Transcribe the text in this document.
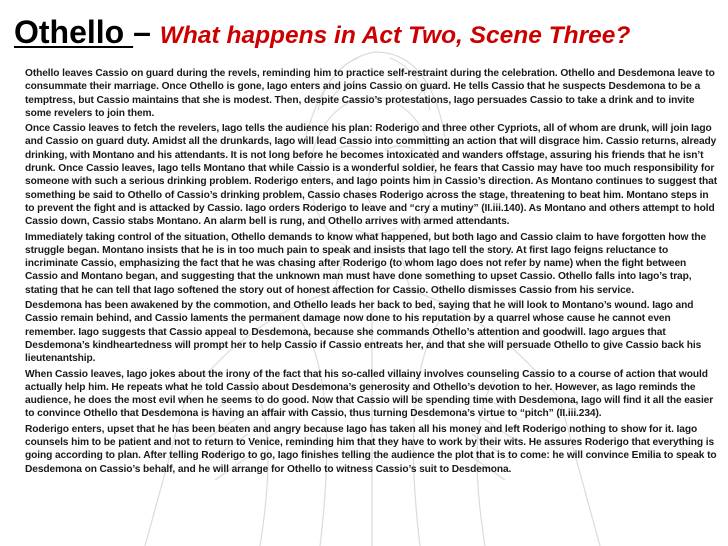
Othello – What happens in Act Two, Scene Three?

Othello leaves Cassio on guard during the revels, reminding him to practice self-restraint during the celebration. Othello and Desdemona leave to consummate their marriage. Once Othello is gone, Iago enters and joins Cassio on guard. He tells Cassio that he suspects Desdemona to be a temptress, but Cassio maintains that she is modest. Then, despite Cassio’s protestations, Iago persuades Cassio to take a drink and to invite some revelers to join them.

Once Cassio leaves to fetch the revelers, Iago tells the audience his plan: Roderigo and three other Cypriots, all of whom are drunk, will join Iago and Cassio on guard duty. Amidst all the drunkards, Iago will lead Cassio into committing an action that will disgrace him. Cassio returns, already drinking, with Montano and his attendants. It is not long before he becomes intoxicated and wanders offstage, assuring his friends that he isn’t drunk. Once Cassio leaves, Iago tells Montano that while Cassio is a wonderful soldier, he fears that Cassio may have too much responsibility for someone with such a serious drinking problem. Roderigo enters, and Iago points him in Cassio’s direction. As Montano continues to suggest that something be said to Othello of Cassio’s drinking problem, Cassio chases Roderigo across the stage, threatening to beat him. Montano steps in to prevent the fight and is attacked by Cassio. Iago orders Roderigo to leave and “cry a mutiny” (II.iii.140). As Montano and others attempt to hold Cassio down, Cassio stabs Montano. An alarm bell is rung, and Othello arrives with armed attendants.

Immediately taking control of the situation, Othello demands to know what happened, but both Iago and Cassio claim to have forgotten how the struggle began. Montano insists that he is in too much pain to speak and insists that Iago tell the story. At first Iago feigns reluctance to incriminate Cassio, emphasizing the fact that he was chasing after Roderigo (to whom Iago does not refer by name) when the fight between Cassio and Montano began, and suggesting that the unknown man must have done something to upset Cassio. Othello falls into Iago’s trap, stating that he can tell that Iago softened the story out of honest affection for Cassio. Othello dismisses Cassio from his service.

Desdemona has been awakened by the commotion, and Othello leads her back to bed, saying that he will look to Montano’s wound. Iago and Cassio remain behind, and Cassio laments the permanent damage now done to his reputation by a quarrel whose cause he cannot even remember. Iago suggests that Cassio appeal to Desdemona, because she commands Othello’s attention and goodwill. Iago argues that Desdemona’s kindheartedness will prompt her to help Cassio if Cassio entreats her, and that she will persuade Othello to give Cassio back his lieutenantship.

When Cassio leaves, Iago jokes about the irony of the fact that his so-called villainy involves counseling Cassio to a course of action that would actually help him. He repeats what he told Cassio about Desdemona’s generosity and Othello’s devotion to her. However, as Iago reminds the audience, he does the most evil when he seems to do good. Now that Cassio will be spending time with Desdemona, Iago will find it all the easier to convince Othello that Desdemona is having an affair with Cassio, thus turning Desdemona’s virtue to “pitch” (II.iii.234).

Roderigo enters, upset that he has been beaten and angry because Iago has taken all his money and left Roderigo nothing to show for it. Iago counsels him to be patient and not to return to Venice, reminding him that they have to work by their wits. He assures Roderigo that everything is going according to plan. After telling Roderigo to go, Iago finishes telling the audience the plot that is to come: he will convince Emilia to speak to Desdemona on Cassio’s behalf, and he will arrange for Othello to witness Cassio’s suit to Desdemona.
